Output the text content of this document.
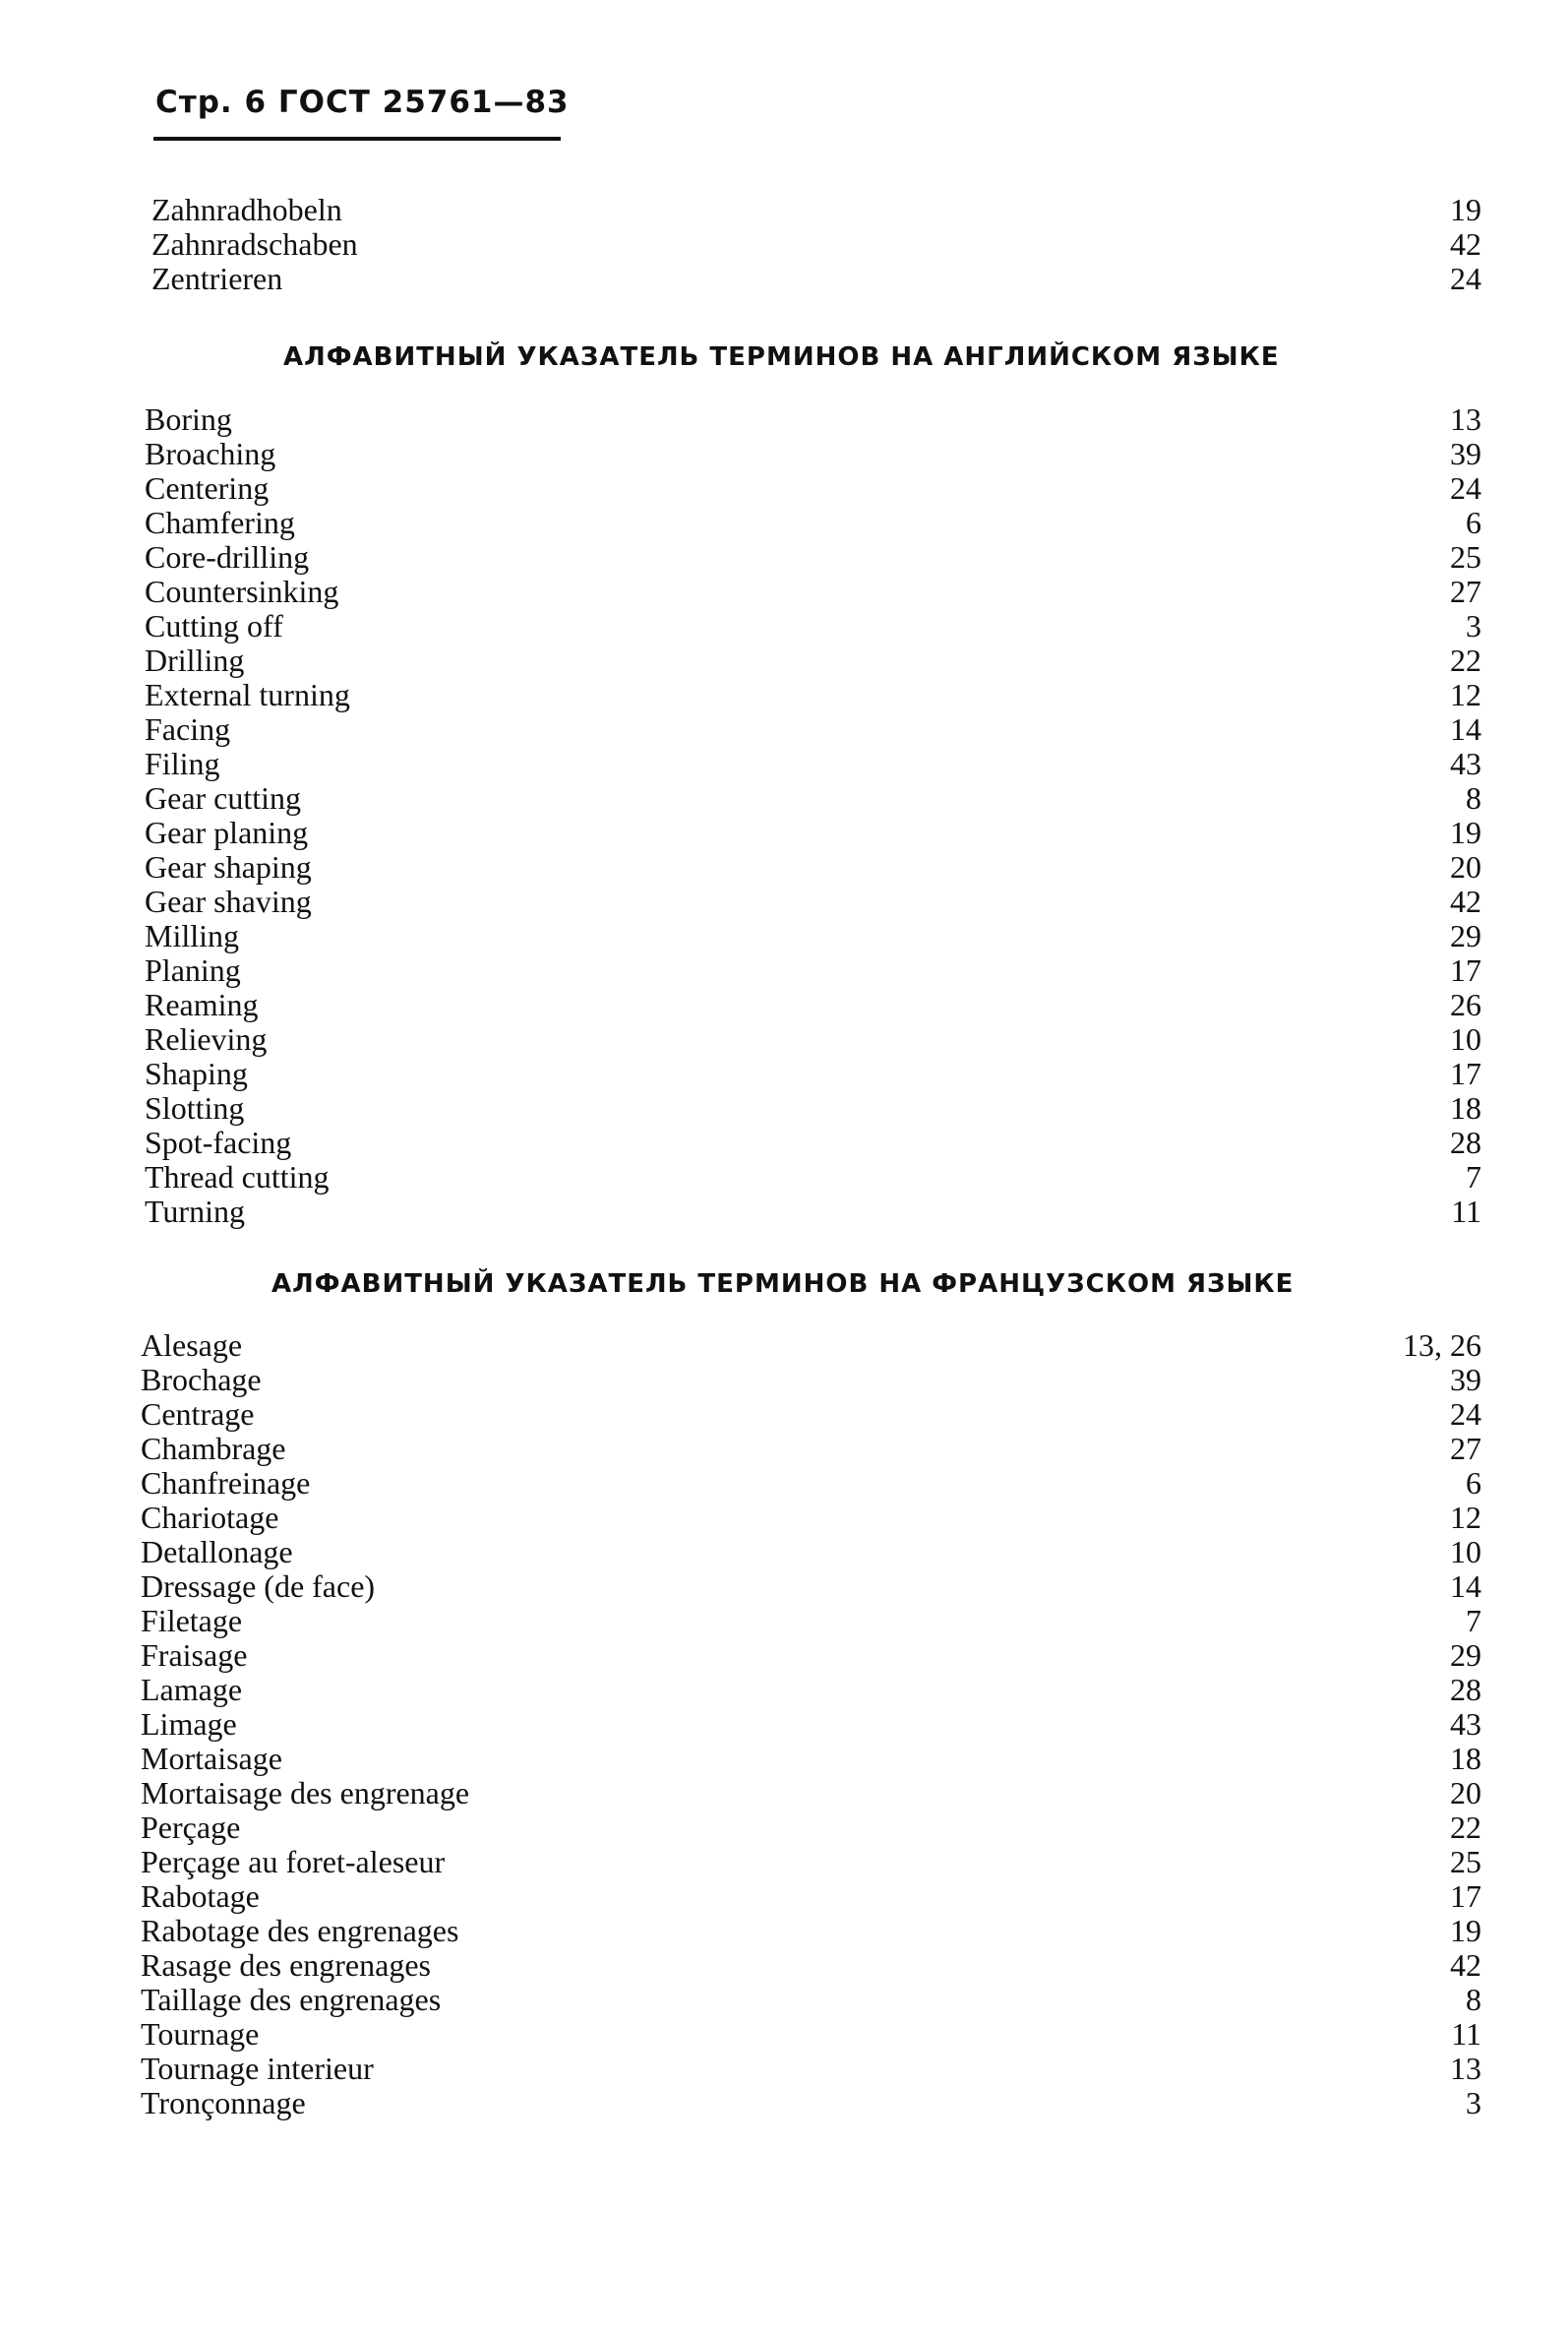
Стр. 6 ГОСТ 25761—83
Zahnradhobeln	19
Zahnradschaben	42
Zentrieren	24
АЛФАВИТНЫЙ УКАЗАТЕЛЬ ТЕРМИНОВ НА АНГЛИЙСКОМ ЯЗЫКЕ
Boring	13
Broaching	39
Centering	24
Chamfering	6
Core-drilling	25
Countersinking	27
Cutting off	3
Drilling	22
External turning	12
Facing	14
Filing	43
Gear cutting	8
Gear planing	19
Gear shaping	20
Gear shaving	42
Milling	29
Planing	17
Reaming	26
Relieving	10
Shaping	17
Slotting	18
Spot-facing	28
Thread cutting	7
Turning	11
АЛФАВИТНЫЙ УКАЗАТЕЛЬ ТЕРМИНОВ НА ФРАНЦУЗСКОМ ЯЗЫКЕ
Alesage	13, 26
Brochage	39
Centrage	24
Chambrage	27
Chanfreinage	6
Chariotage	12
Detallonage	10
Dressage (de face)	14
Filetage	7
Fraisage	29
Lamage	28
Limage	43
Mortaisage	18
Mortaisage des engrenage	20
Perçage	22
Perçage au foret-aleseur	25
Rabotage	17
Rabotage des engrenages	19
Rasage des engrenages	42
Taillage des engrenages	8
Tournage	11
Tournage interieur	13
Tronçonnage	3
